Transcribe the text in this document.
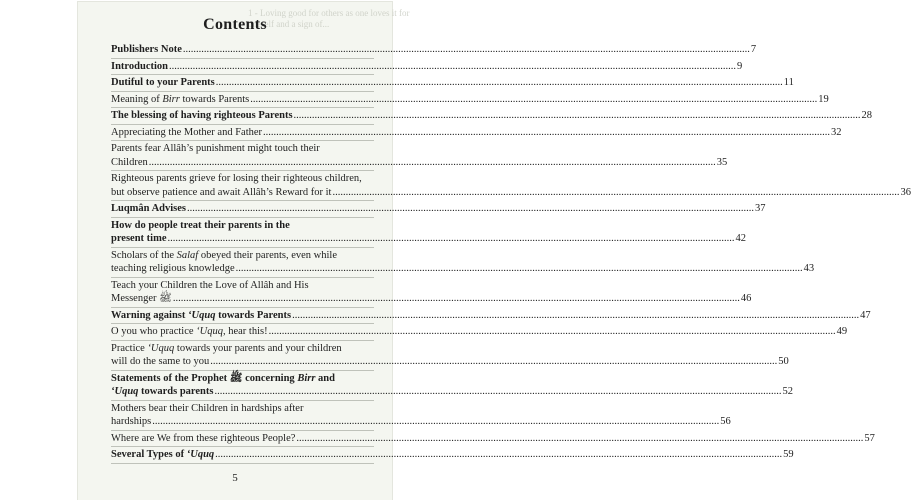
1 - Loving good for others as one loves it for
oneself and a sign of...
Contents
Publishers Note .....	7
Introduction .....	9
Dutiful to your Parents .....	11
Meaning of Birr towards Parents .....	19
The blessing of having righteous Parents .....	28
Appreciating the Mother and Father .....	32
Parents fear Allâh’s punishment might touch their
Children .....	35
Righteous parents grieve for losing their righteous children,
but observe patience and await Allâh’s Reward for it .....	36
Luqmân Advises .....	37
How do people treat their parents in the
present time .....	42
Scholars of the Salaf obeyed their parents, even while
teaching religious knowledge .....	43
Teach your Children the Love of Allâh and His
Messenger ﷺ .....	46
Warning against ‘Uquq towards Parents .....	47
O you who practice ‘Uquq, hear this! .....	49
Practice ‘Uquq towards your parents and your children
will do the same to you .....	50
Statements of the Prophet ﷺ concerning Birr and
‘Uquq towards parents .....	52
Mothers bear their Children in hardships after
hardships .....	56
Where are We from these righteous People? .....	57
Several Types of ‘Uquq .....	59
5
